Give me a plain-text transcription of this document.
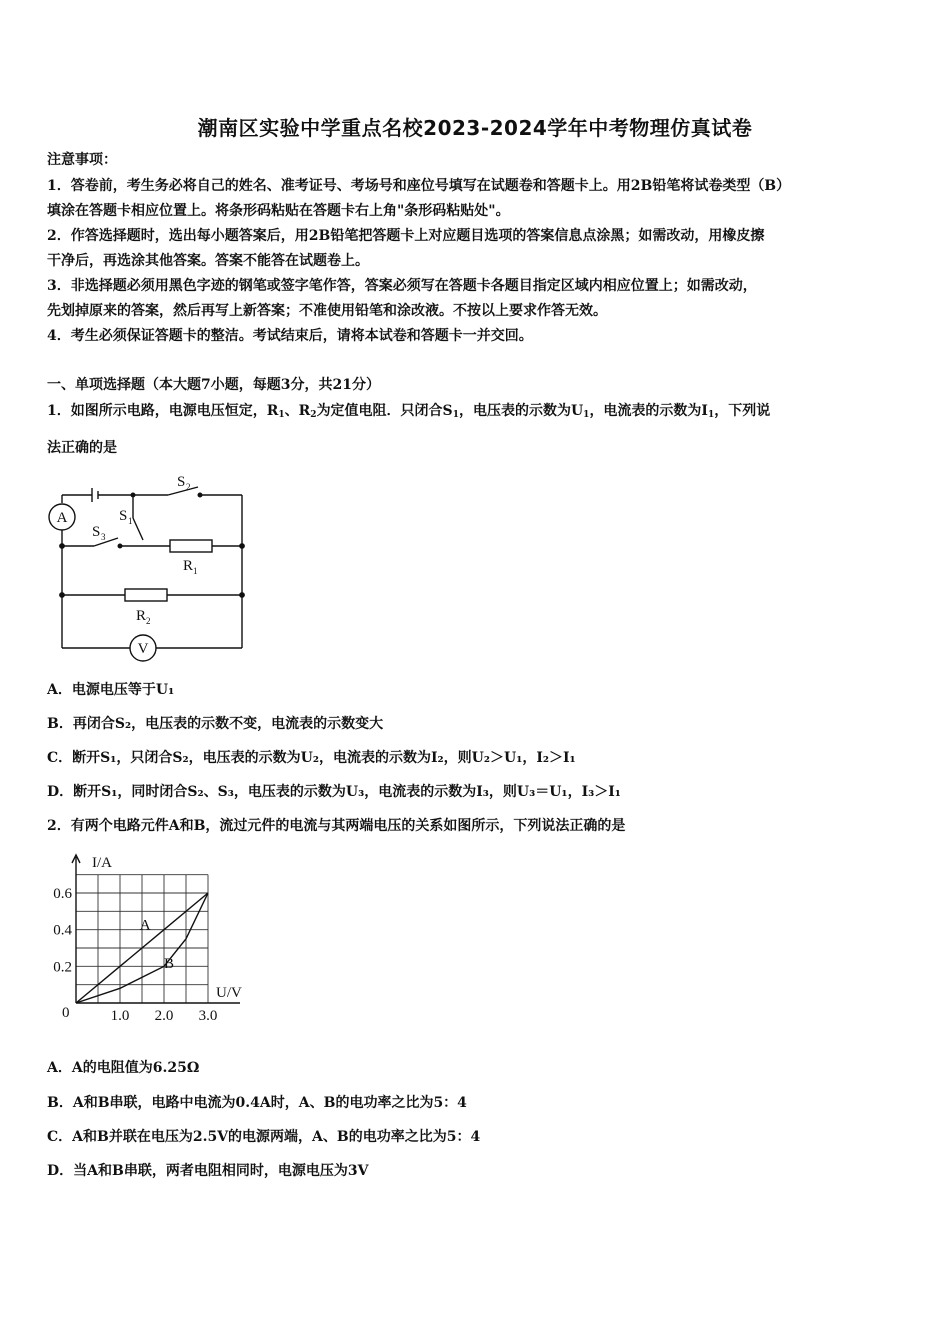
潮南区实验中学重点名校2023-2024学年中考物理仿真试卷
注意事项：
1．答卷前，考生务必将自己的姓名、准考证号、考场号和座位号填写在试题卷和答题卡上。用2B铅笔将试卷类型（B）
填涂在答题卡相应位置上。将条形码粘贴在答题卡右上角"条形码粘贴处"。
2．作答选择题时，选出每小题答案后，用2B铅笔把答题卡上对应题目选项的答案信息点涂黑；如需改动，用橡皮擦
干净后，再选涂其他答案。答案不能答在试题卷上。
3．非选择题必须用黑色字迹的钢笔或签字笔作答，答案必须写在答题卡各题目指定区域内相应位置上；如需改动，
先划掉原来的答案，然后再写上新答案；不准使用铅笔和涂改液。不按以上要求作答无效。
4．考生必须保证答题卡的整洁。考试结束后，请将本试卷和答题卡一并交回。
一、单项选择题（本大题7小题，每题3分，共21分）
1．如图所示电路，电源电压恒定，$R_1$、$R_2$为定值电阻．只闭合$S_1$，电压表的示数为$U_1$，电流表的示数为$I_1$，下列说
法正确的是
A
V
S 2
S 1
S 3
R 1
R 2
A．电源电压等于U₁
B．再闭合S₂，电压表的示数不变，电流表的示数变大
C．断开S₁，只闭合S₂，电压表的示数为U₂，电流表的示数为I₂，则U₂＞U₁，I₂＞I₁
D．断开S₁，同时闭合S₂、S₃，电压表的示数为U₃，电流表的示数为I₃，则U₃＝U₁，I₃＞I₁
2．有两个电路元件A和B，流过元件的电流与其两端电压的关系如图所示，下列说法正确的是
I/A
U/V
0	1.0 2.0 3.0
0.2
0.4
0.6
A
B
A．A的电阻值为6.25Ω
B．A和B串联，电路中电流为0.4A时，A、B的电功率之比为5：4
C．A和B并联在电压为2.5V的电源两端，A、B的电功率之比为5：4
D．当A和B串联，两者电阻相同时，电源电压为3V
